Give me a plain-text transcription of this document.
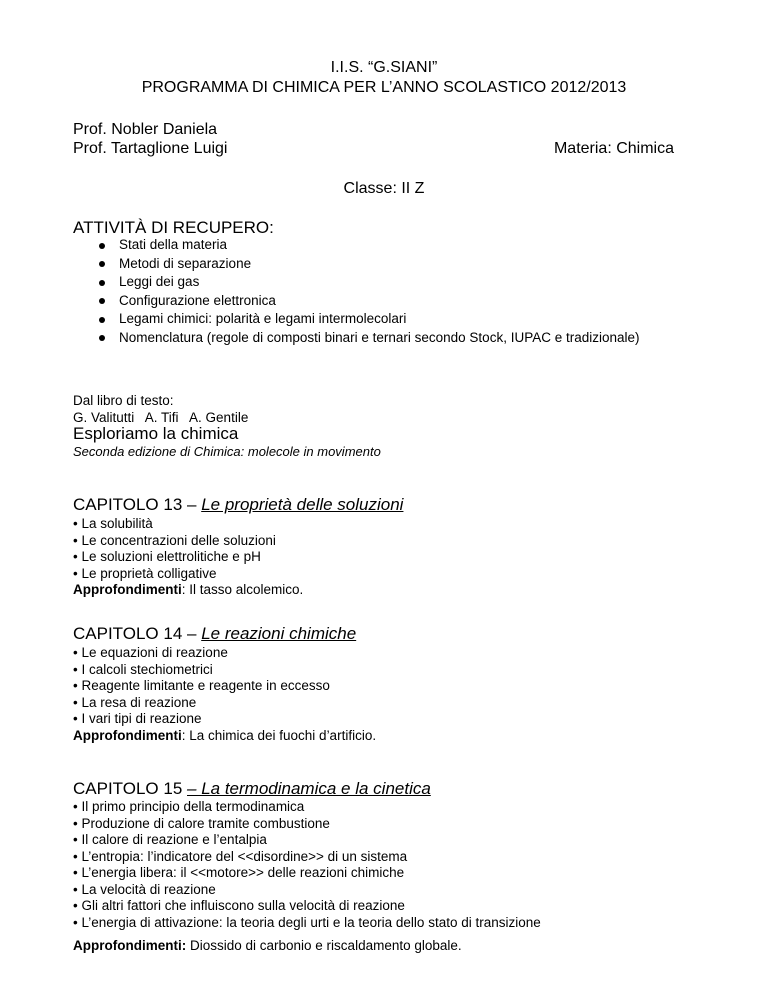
I.I.S. “G.SIANI”
PROGRAMMA DI CHIMICA PER L’ANNO SCOLASTICO 2012/2013
Prof. Nobler Daniela
Prof. Tartaglione Luigi	Materia: Chimica
Classe: II Z
ATTIVITÀ DI RECUPERO:
Stati della materia
Metodi di separazione
Leggi dei gas
Configurazione elettronica
Legami chimici: polarità e legami intermolecolari
Nomenclatura (regole di composti binari e ternari secondo Stock, IUPAC e tradizionale)
Dal libro di testo:
G. Valitutti   A. Tifi   A. Gentile
Esploriamo la chimica
Seconda edizione di Chimica: molecole in movimento
CAPITOLO 13 – Le proprietà delle soluzioni
• La solubilità
• Le concentrazioni delle soluzioni
• Le soluzioni elettrolitiche e pH
• Le proprietà colligative
Approfondimenti: Il tasso alcolemico.
CAPITOLO 14 – Le reazioni chimiche
• Le equazioni di reazione
• I calcoli stechiometrici
• Reagente limitante e reagente in eccesso
• La resa di reazione
• I vari tipi di reazione
Approfondimenti: La chimica dei fuochi d’artificio.
CAPITOLO 15 – La termodinamica e la cinetica
• Il primo principio della termodinamica
• Produzione di calore tramite combustione
• Il calore di reazione e l’entalpia
• L’entropia: l’indicatore del <<disordine>> di un sistema
• L’energia libera: il <<motore>> delle reazioni chimiche
• La velocità di reazione
• Gli altri fattori che influiscono sulla velocità di reazione
• L’energia di attivazione: la teoria degli urti e la teoria dello stato di transizione
Approfondimenti: Diossido di carbonio e riscaldamento globale.
